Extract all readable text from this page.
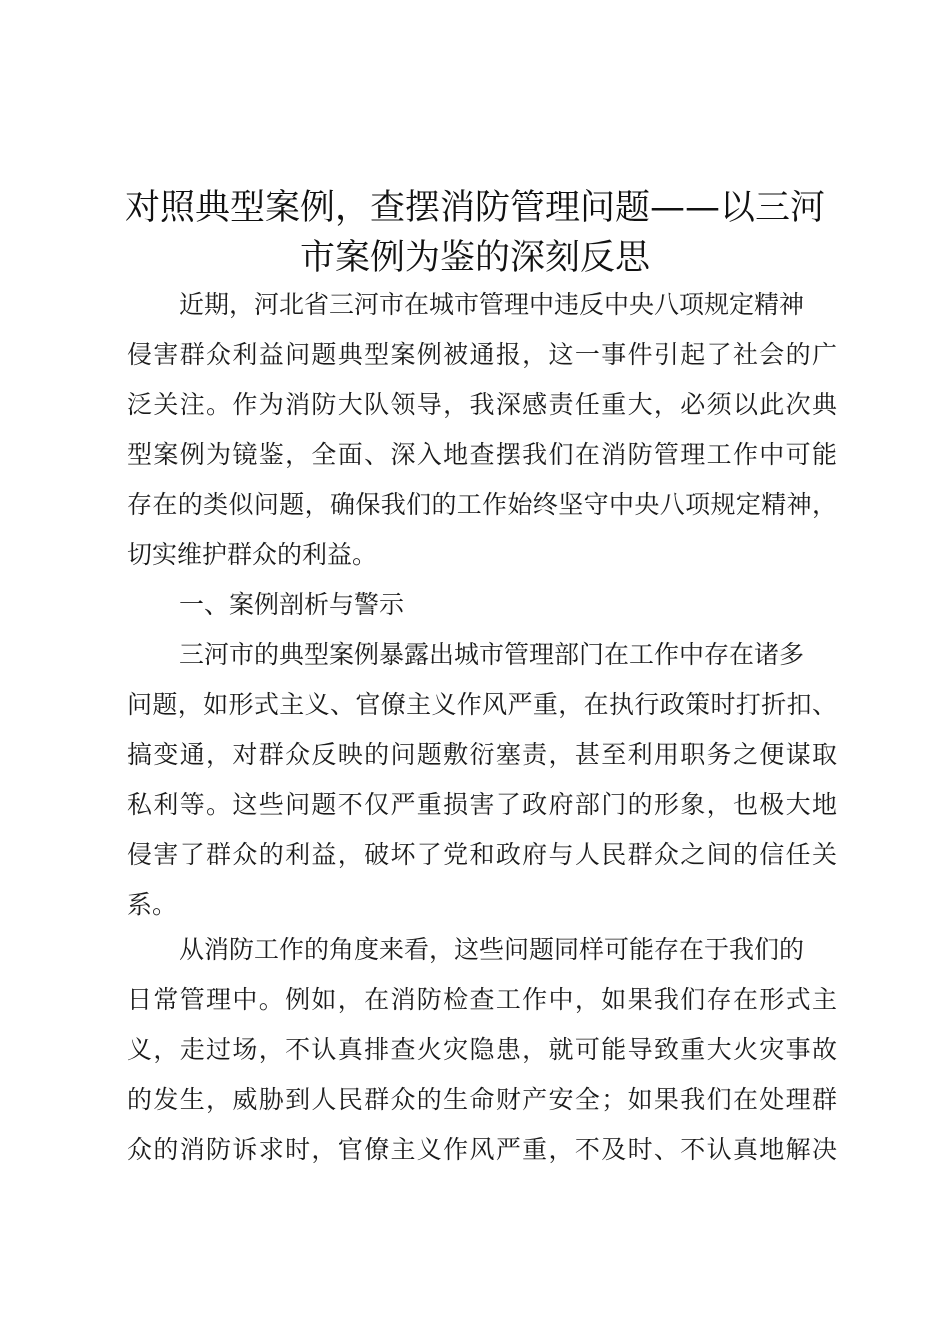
对照典型案例，查摆消防管理问题——以三河
市案例为鉴的深刻反思
近期，河北省三河市在城市管理中违反中央八项规定精神
侵害群众利益问题典型案例被通报，这一事件引起了社会的广
泛关注。作为消防大队领导，我深感责任重大，必须以此次典
型案例为镜鉴，全面、深入地查摆我们在消防管理工作中可能
存在的类似问题，确保我们的工作始终坚守中央八项规定精神，
切实维护群众的利益。
一、案例剖析与警示
三河市的典型案例暴露出城市管理部门在工作中存在诸多
问题，如形式主义、官僚主义作风严重，在执行政策时打折扣、
搞变通，对群众反映的问题敷衍塞责，甚至利用职务之便谋取
私利等。这些问题不仅严重损害了政府部门的形象，也极大地
侵害了群众的利益，破坏了党和政府与人民群众之间的信任关
系。
从消防工作的角度来看，这些问题同样可能存在于我们的
日常管理中。例如，在消防检查工作中，如果我们存在形式主
义，走过场，不认真排查火灾隐患，就可能导致重大火灾事故
的发生，威胁到人民群众的生命财产安全；如果我们在处理群
众的消防诉求时，官僚主义作风严重，不及时、不认真地解决
